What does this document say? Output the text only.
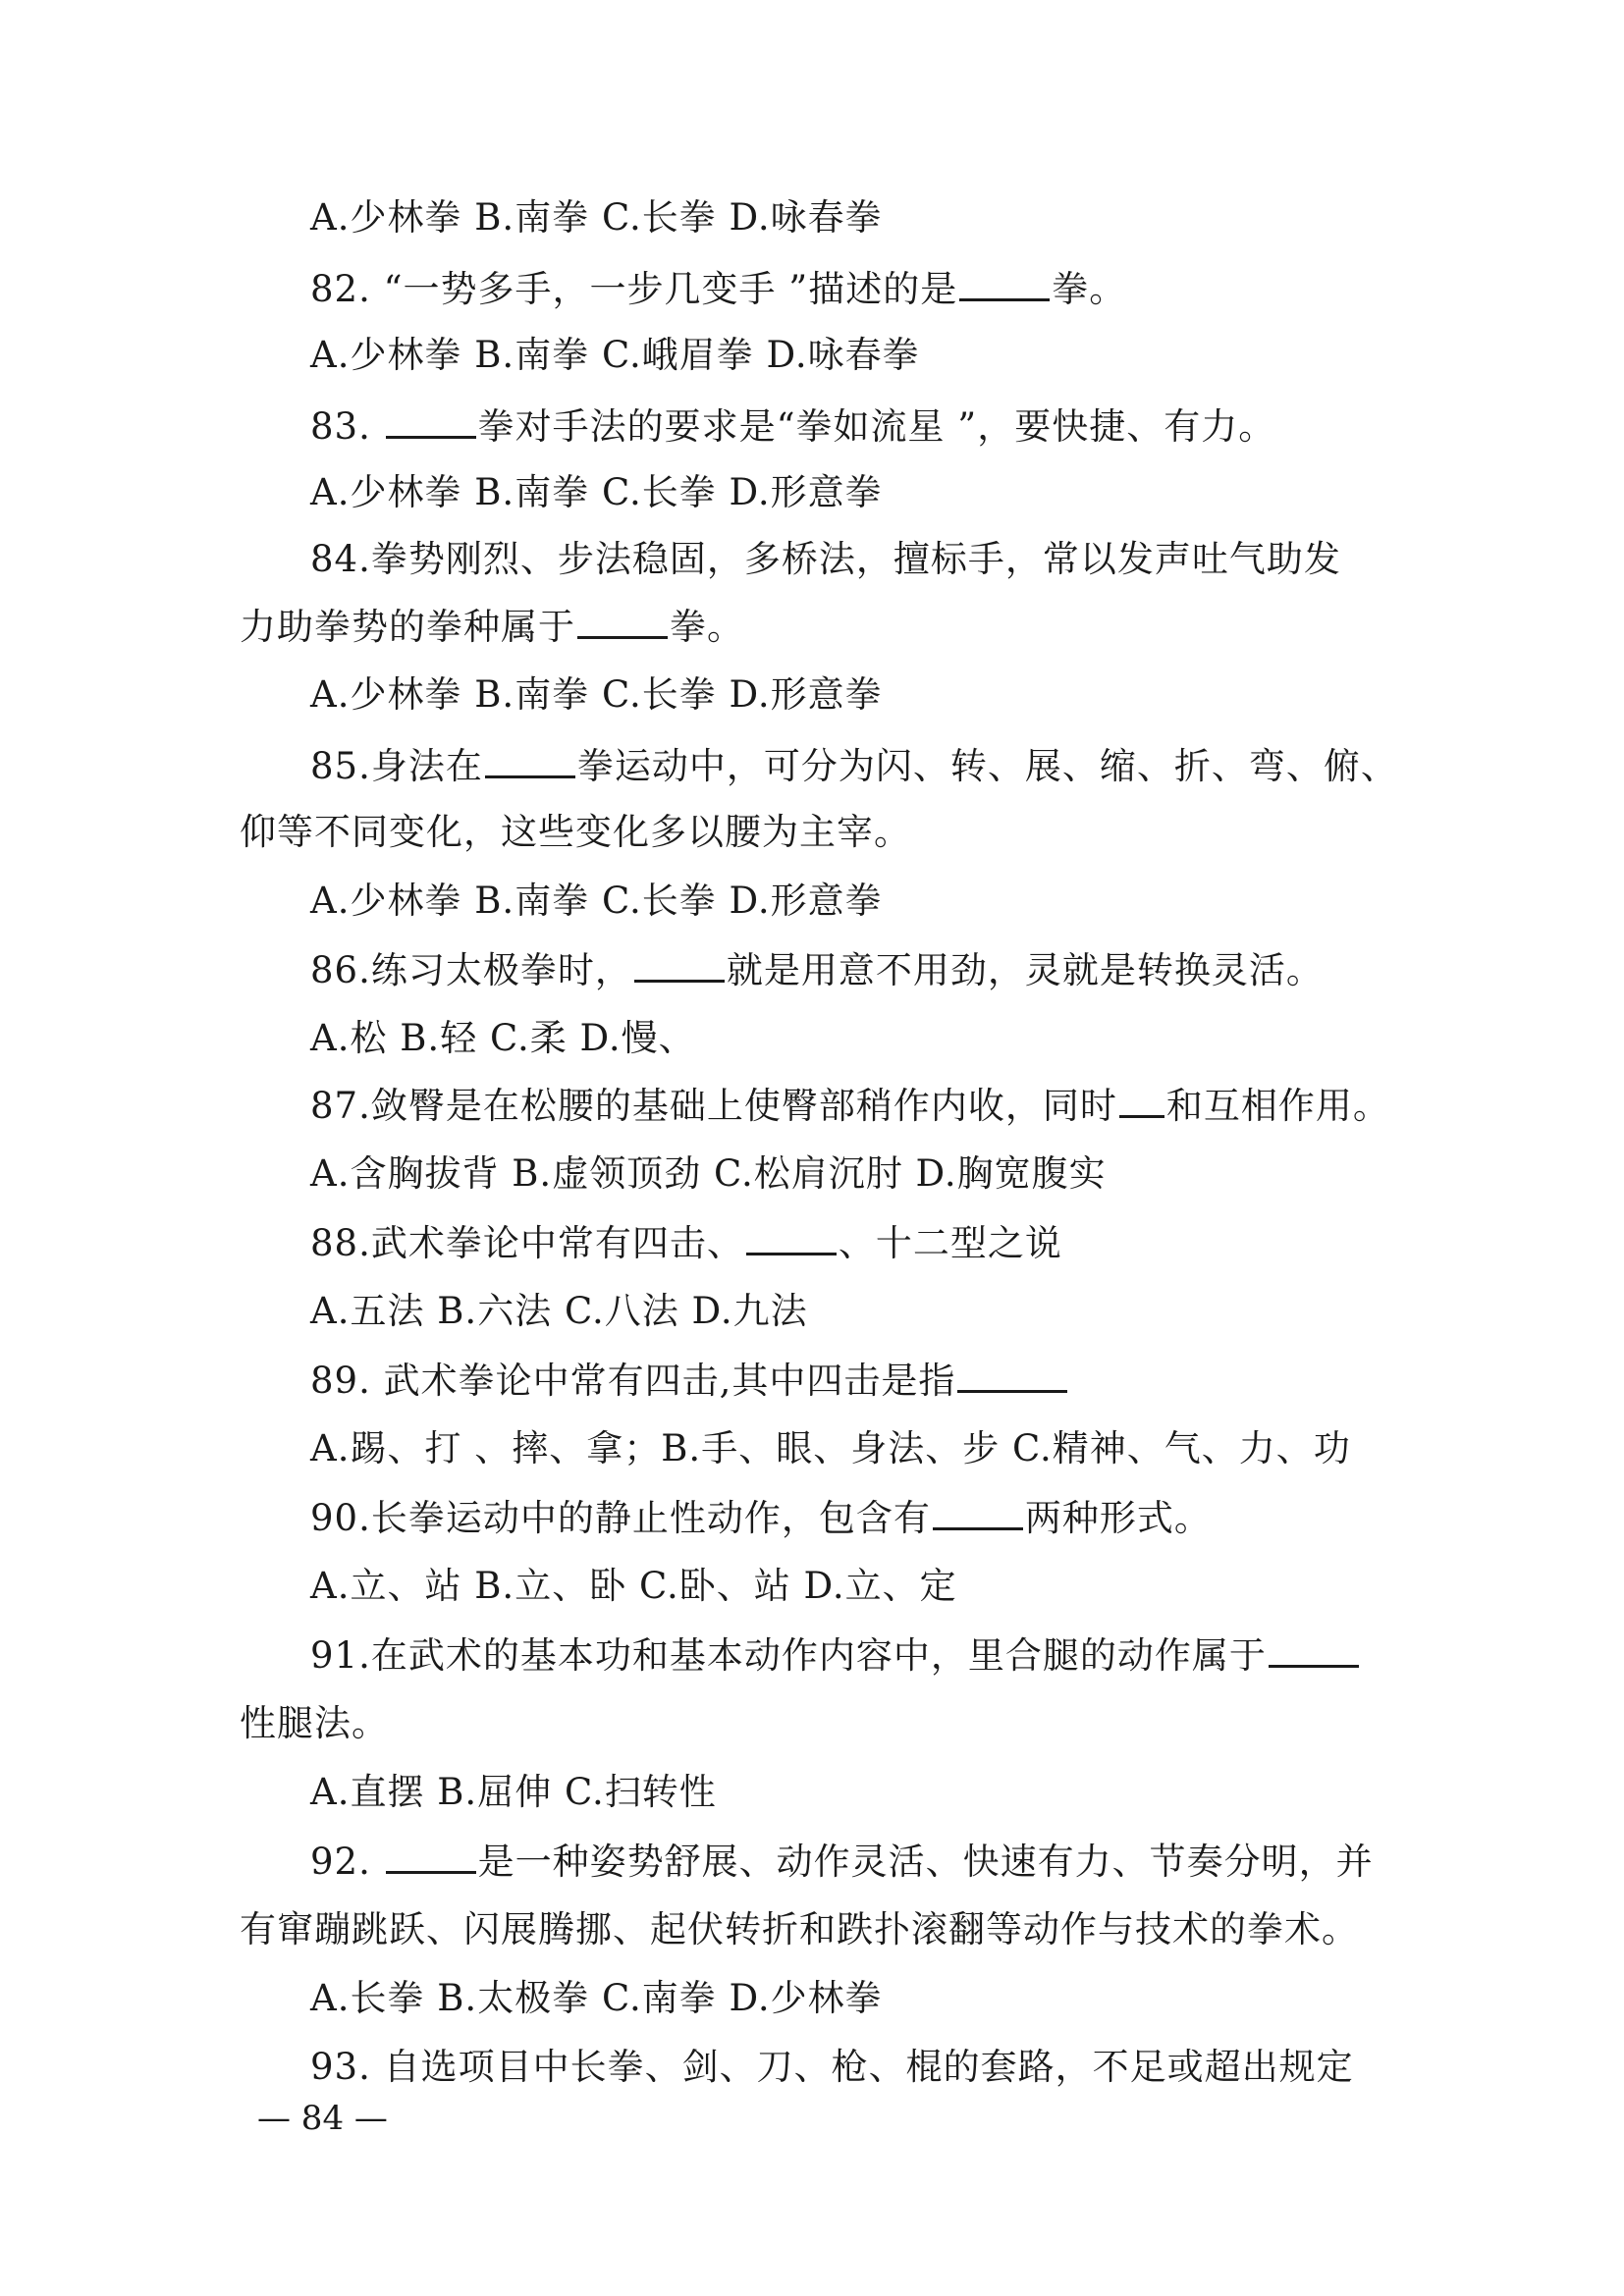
A.少林拳 B.南拳 C.长拳 D.咏春拳
82. “一势多手，一步几变手 ”描述的是	拳。
A.少林拳 B.南拳 C.峨眉拳 D.咏春拳
83.	拳对手法的要求是“拳如流星 ”，要快捷、有力。
A.少林拳 B.南拳 C.长拳 D.形意拳
84.拳势刚烈、步法稳固，多桥法，擅标手，常以发声吐气助发
力助拳势的拳种属于	拳。
A.少林拳 B.南拳 C.长拳 D.形意拳
85.身法在	拳运动中，可分为闪、转、展、缩、折、弯、俯、
仰等不同变化，这些变化多以腰为主宰。
A.少林拳 B.南拳 C.长拳 D.形意拳
86.练习太极拳时，	就是用意不用劲，灵就是转换灵活。
A.松 B.轻 C.柔 D.慢、
87.敛臀是在松腰的基础上使臀部稍作内收，同时 和互相作用。
A.含胸拔背 B.虚领顶劲 C.松肩沉肘 D.胸宽腹实
88.武术拳论中常有四击、	、十二型之说
A.五法 B.六法 C.八法 D.九法
89. 武术拳论中常有四击,其中四击是指
A.踢、打 、摔、拿；B.手、眼、身法、步 C.精神、气、力、功
90.长拳运动中的静止性动作，包含有	两种形式。
A.立、站 B.立、卧 C.卧、站 D.立、定
91.在武术的基本功和基本动作内容中，里合腿的动作属于
性腿法。
A.直摆 B.屈伸 C.扫转性
92.	是一种姿势舒展、动作灵活、快速有力、节奏分明，并
有窜蹦跳跃、闪展腾挪、起伏转折和跌扑滚翻等动作与技术的拳术。
A.长拳 B.太极拳 C.南拳 D.少林拳
93. 自选项目中长拳、剑、刀、枪、棍的套路，不足或超出规定
— 84 —
